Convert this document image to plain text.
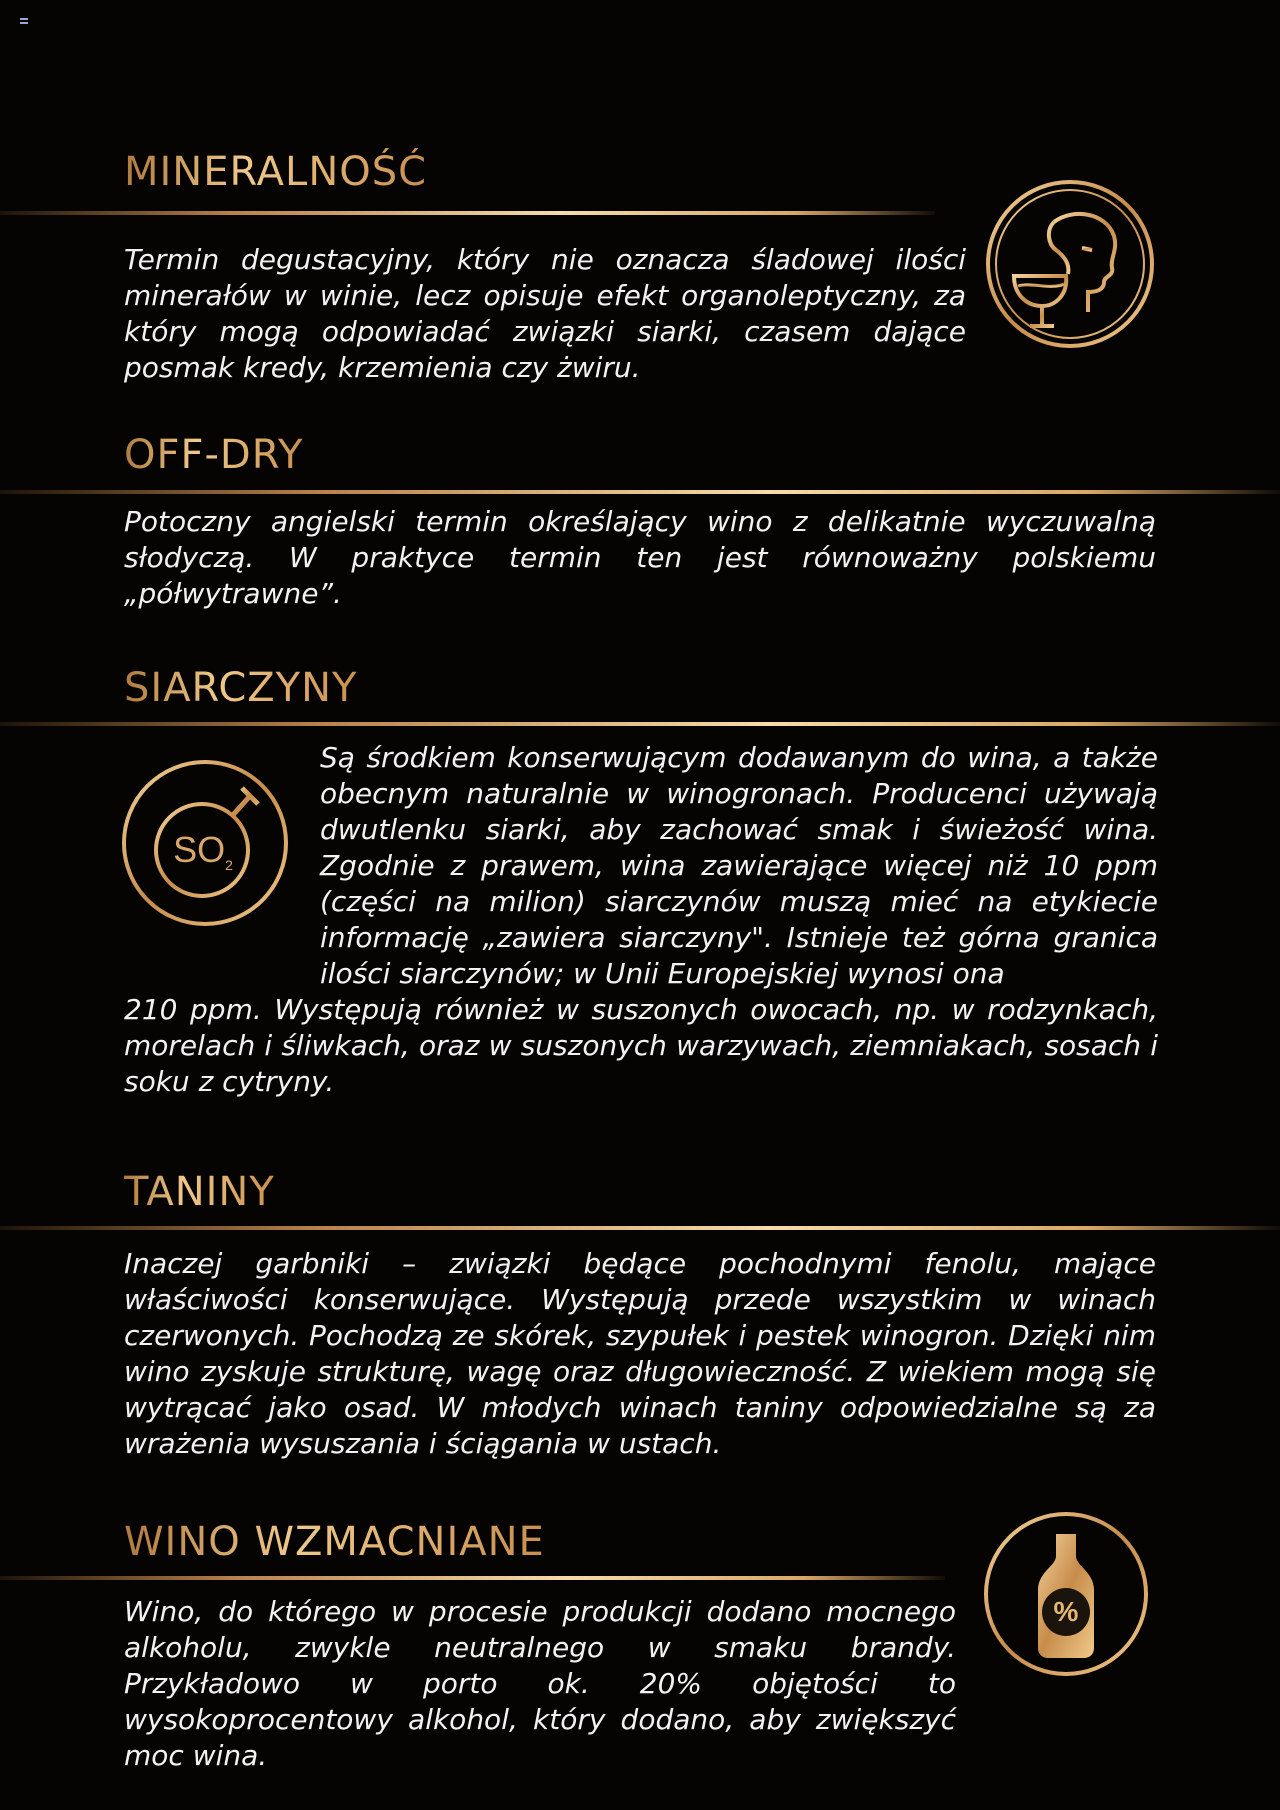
MINERALNOŚĆ

Termin degustacyjny, który nie oznacza śladowej ilości minerałów w winie, lecz opisuje efekt organoleptyczny, za który mogą odpowiadać związki siarki, czasem dające posmak kredy, krzemienia czy żwiru.

OFF-DRY

Potoczny angielski termin określający wino z delikatnie wyczuwalną słodyczą. W praktyce termin ten jest równoważny polskiemu „półwytrawne”.

SIARCZYNY

Są środkiem konserwującym dodawanym do wina, a także obecnym naturalnie w winogronach. Producenci używają dwutlenku siarki, aby zachować smak i świeżość wina. Zgodnie z prawem, wina zawierające więcej niż 10 ppm (części na milion) siarczynów muszą mieć na etykiecie informację „zawiera siarczyny". Istnieje też górna granica ilości siarczynów; w Unii Europejskiej wynosi ona

210 ppm. Występują również w suszonych owocach, np. w rodzynkach, morelach i śliwkach, oraz w suszonych warzywach, ziemniakach, sosach i soku z cytryny.

$SO_2$
TANINY

Inaczej garbniki – związki będące pochodnymi fenolu, mające właściwości konserwujące. Występują przede wszystkim w winach czerwonych. Pochodzą ze skórek, szypułek i pestek winogron. Dzięki nim wino zyskuje strukturę, wagę oraz długowieczność. Z wiekiem mogą się wytrącać jako osad. W młodych winach taniny odpowiedzialne są za wrażenia wysuszania i ściągania w ustach.

WINO WZMACNIANE

Wino, do którego w procesie produkcji dodano mocnego alkoholu, zwykle neutralnego w smaku brandy. Przykładowo w porto ok. 20% objętości to wysokoprocentowy alkohol, który dodano, aby zwiększyć moc wina.

%
